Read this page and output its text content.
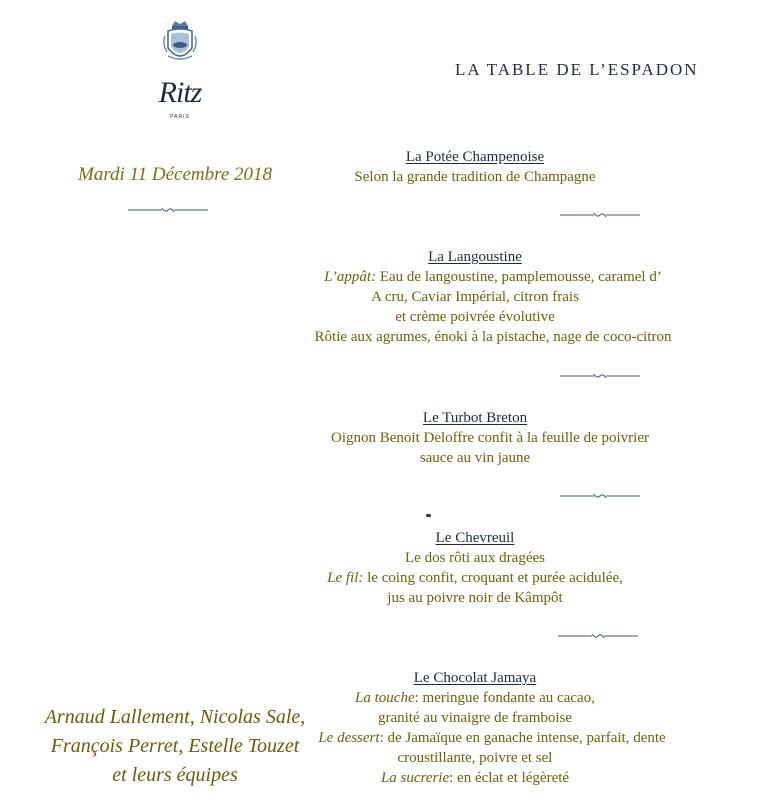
Ritz
PARIS
Mardi 11 Décembre 2018
Arnaud Lallement, Nicolas Sale,
François Perret, Estelle Touzet
et leurs équipes
LA TABLE DE L’ESPADON
La Potée Champenoise
Selon la grande tradition de Champagne
La Langoustine
L’appât: Eau de langoustine, pamplemousse, caramel d’
A cru, Caviar Impérial, citron frais
et crème poivrée évolutive
Rôtie aux agrumes, énoki à la pistache, nage de coco-citron
Le Turbot Breton
Oignon Benoit Deloffre confit à la feuille de poivrier
sauce au vin jaune
Le Chevreuil
Le dos rôti aux dragées
Le fil: le coing confit, croquant et purée acidulée,
jus au poivre noir de Kâmpôt
Le Chocolat Jamaya
La touche: meringue fondante au cacao,
granité au vinaigre de framboise
Le dessert: de Jamaïque en ganache intense, parfait, dente
croustillante, poivre et sel
La sucrerie: en éclat et légèreté
